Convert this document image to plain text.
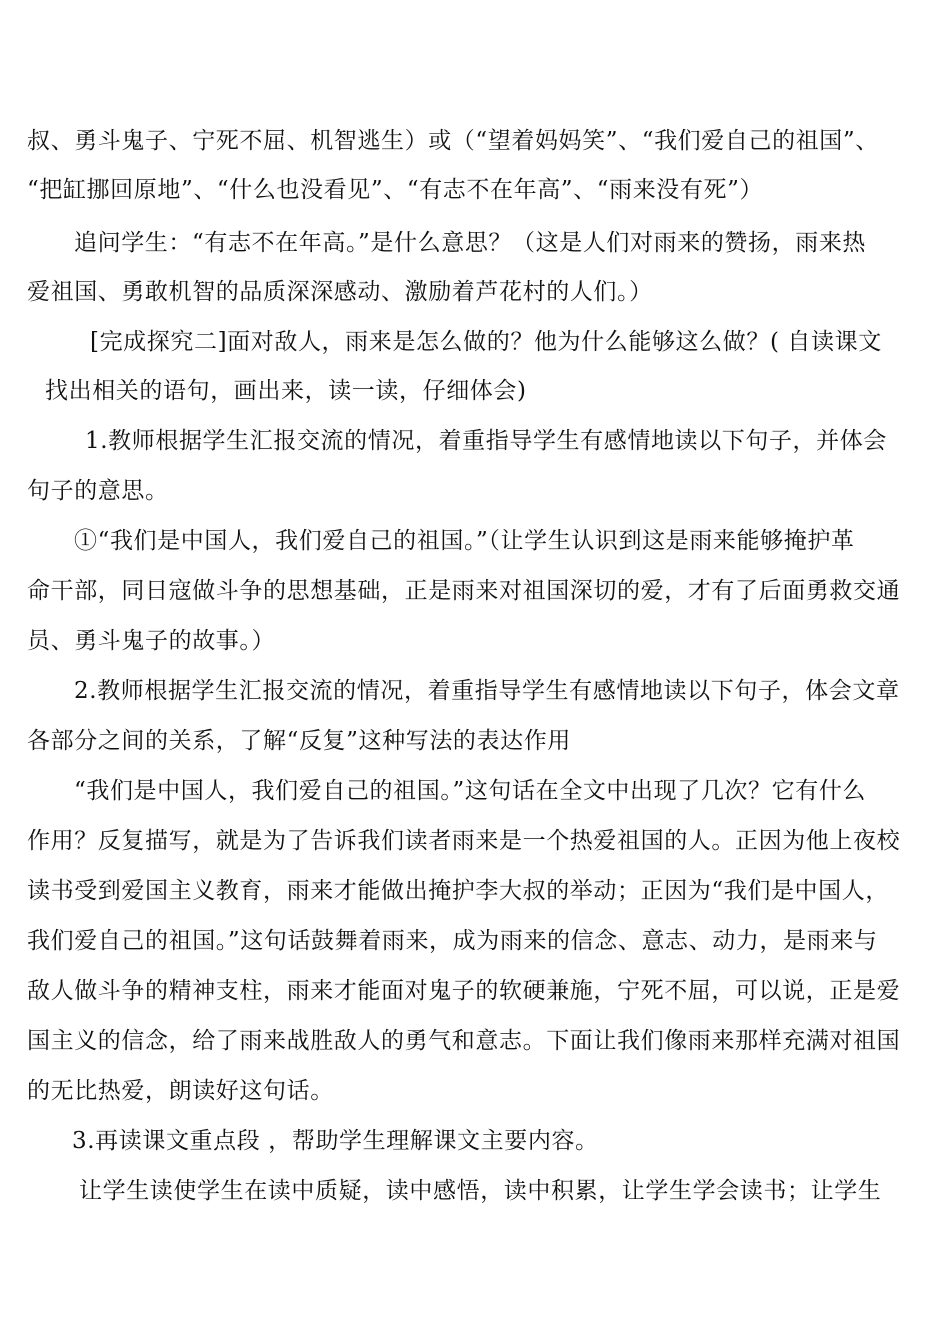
叔、勇斗鬼子、宁死不屈、机智逃生）或（“望着妈妈笑”、“我们爱自己的祖国”、
“把缸挪回原地”、“什么也没看见”、“有志不在年高”、“雨来没有死”）
追问学生：“有志不在年高。”是什么意思？（这是人们对雨来的赞扬，雨来热
爱祖国、勇敢机智的品质深深感动、激励着芦花村的人们。）
[完成探究二]面对敌人，雨来是怎么做的？他为什么能够这么做？( 自读课文
找出相关的语句，画出来，读一读，仔细体会)
1.教师根据学生汇报交流的情况，着重指导学生有感情地读以下句子，并体会
句子的意思。
①“我们是中国人，我们爱自己的祖国。”（让学生认识到这是雨来能够掩护革
命干部，同日寇做斗争的思想基础，正是雨来对祖国深切的爱，才有了后面勇救交通
员、勇斗鬼子的故事。）
2.教师根据学生汇报交流的情况，着重指导学生有感情地读以下句子，体会文章
各部分之间的关系，了解“反复”这种写法的表达作用
“我们是中国人，我们爱自己的祖国。”这句话在全文中出现了几次？它有什么
作用？反复描写，就是为了告诉我们读者雨来是一个热爱祖国的人。正因为他上夜校
读书受到爱国主义教育，雨来才能做出掩护李大叔的举动；正因为“我们是中国人，
我们爱自己的祖国。”这句话鼓舞着雨来，成为雨来的信念、意志、动力，是雨来与
敌人做斗争的精神支柱，雨来才能面对鬼子的软硬兼施，宁死不屈，可以说，正是爱
国主义的信念，给了雨来战胜敌人的勇气和意志。下面让我们像雨来那样充满对祖国
的无比热爱，朗读好这句话。
3.再读课文重点段 ，帮助学生理解课文主要内容。
让学生读使学生在读中质疑，读中感悟，读中积累，让学生学会读书；让学生
